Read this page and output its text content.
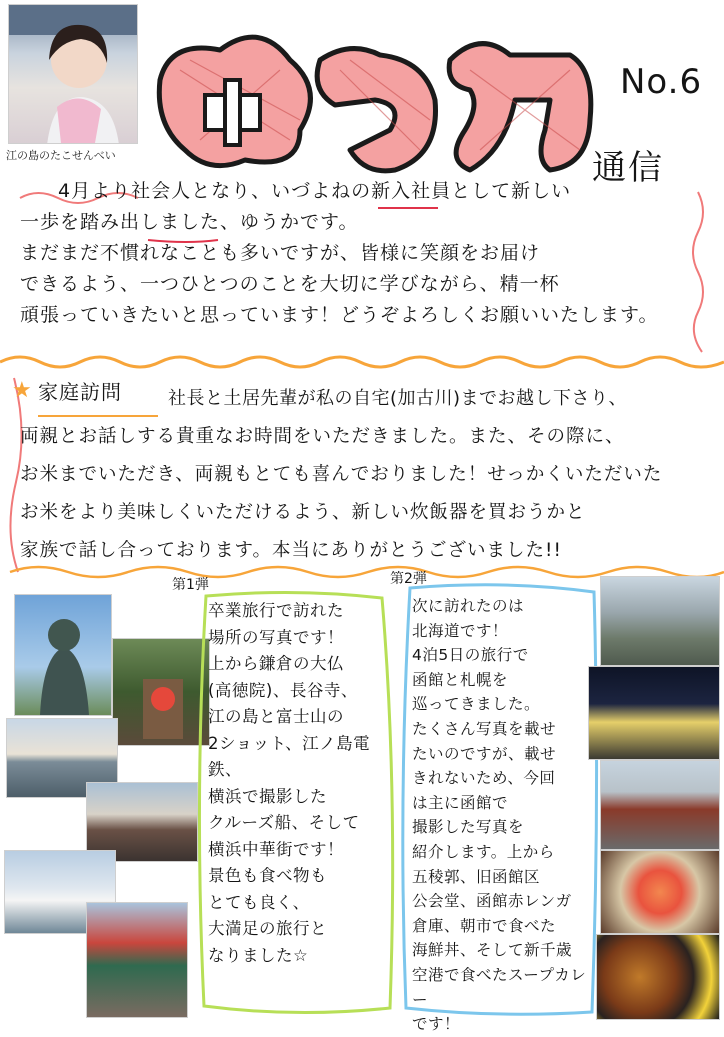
江の島のたこせんべい
No.6
通信
4月より社会人となり、いづよねの新入社員として新しい
一歩を踏み出しました、ゆうかです。
まだまだ不慣れなことも多いですが、皆様に笑顔をお届け
できるよう、一つひとつのことを大切に学びながら、精一杯
頑張っていきたいと思っています！どうぞよろしくお願いいたします。
★ 家庭訪問	社長と土居先輩が私の自宅(加古川)までお越し下さり、
両親とお話しする貴重なお時間をいただきました。また、その際に、
お米までいただき、両親もとても喜んでおりました！せっかくいただいた
お米をより美味しくいただけるよう、新しい炊飯器を買おうかと
家族で話し合っております。本当にありがとうございました!!
第1弾
卒業旅行で訪れた
場所の写真です！
上から鎌倉の大仏
(高徳院)、長谷寺、
江の島と富士山の
2ショット、江ノ島電鉄、
横浜で撮影した
クルーズ船、そして
横浜中華街です！
景色も食べ物も
とても良く、
大満足の旅行と
なりました☆
第2弾
次に訪れたのは
北海道です！
4泊5日の旅行で
函館と札幌を
巡ってきました。
たくさん写真を載せ
たいのですが、載せ
きれないため、今回
は主に函館で
撮影した写真を
紹介します。上から
五稜郭、旧函館区
公会堂、函館赤レンガ
倉庫、朝市で食べた
海鮮丼、そして新千歳
空港で食べたスープカレー
です！
